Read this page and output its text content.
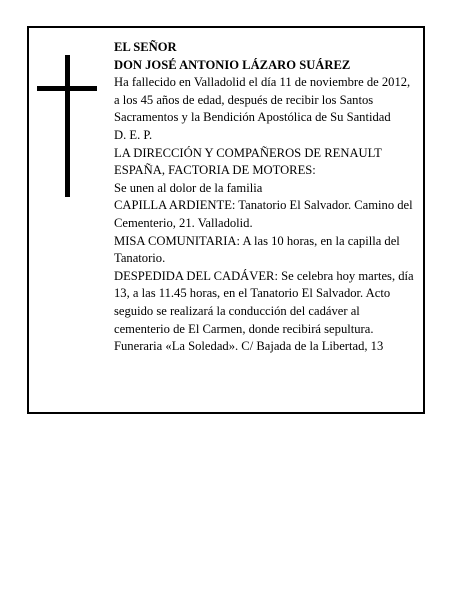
EL SEÑOR

DON JOSÉ ANTONIO LÁZARO SUÁREZ

Ha fallecido en Valladolid el día 11 de noviembre de 2012, a los 45 años de edad, después de recibir los Santos Sacramentos y la Bendición Apostólica de Su Santidad

D. E. P.

LA DIRECCIÓN Y COMPAÑEROS DE RENAULT ESPAÑA, FACTORIA DE MOTORES:

Se unen al dolor de la familia

CAPILLA ARDIENTE: Tanatorio El Salvador. Camino del Cementerio, 21. Valladolid.

MISA COMUNITARIA: A las 10 horas, en la capilla del Tanatorio.

DESPEDIDA DEL CADÁVER: Se celebra hoy martes, día 13, a las 11.45 horas, en el Tanatorio El Salvador. Acto seguido se realizará la conducción del cadáver al cementerio de El Carmen, donde recibirá sepultura.

Funeraria «La Soledad». C/ Bajada de la Libertad, 13
